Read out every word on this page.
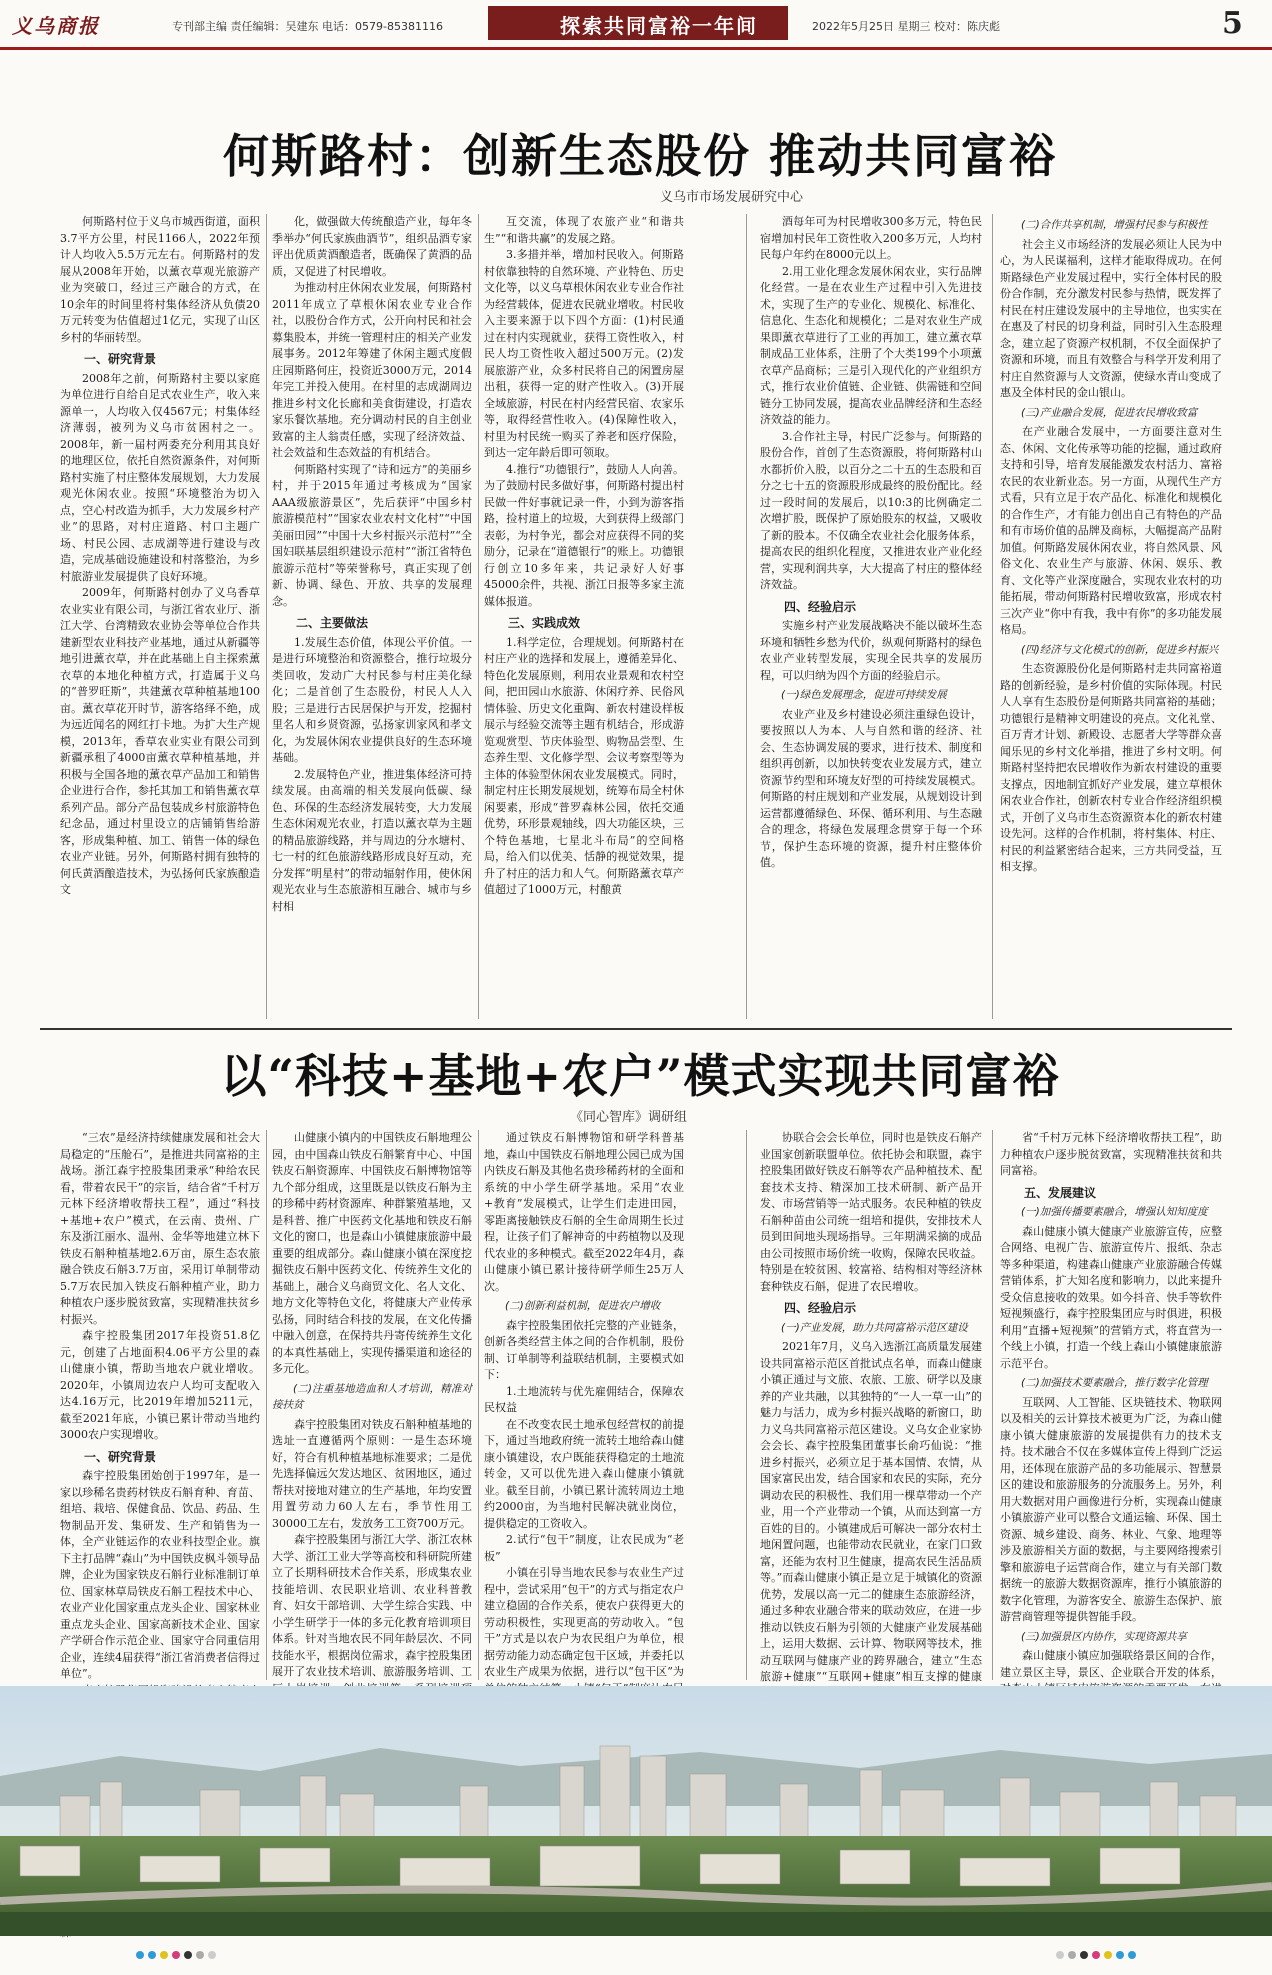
义乌商报	专刊部主编 责任编辑：吴建东 电话：0579-85381116	探索共同富裕一年间	2022年5月25日 星期三 校对：陈庆彪	5
何斯路村：创新生态股份 推动共同富裕
义乌市市场发展研究中心

何斯路村位于义乌市城西街道，面积3.7平方公里，村民1166人，2022年预计人均收入5.5万元左右。何斯路村的发展从2008年开始，以薰衣草观光旅游产业为突破口，经过三产融合的方式，在10余年的时间里将村集体经济从负债20万元转变为估值超过1亿元，实现了山区乡村的华丽转型。

一、研究背景

2008年之前，何斯路村主要以家庭为单位进行自给自足式农业生产，收入来源单一，人均收入仅4567元；村集体经济薄弱，被列为义乌市贫困村之一。2008年，新一届村两委充分利用其良好的地理区位，依托自然资源条件，对何斯路村实施了村庄整体发展规划，大力发展观光休闲农业。按照“环境整治为切入点，空心村改造为抓手，大力发展乡村产业”的思路，对村庄道路、村口主题广场、村民公园、志成湖等进行建设与改造，完成基础设施建设和村落整治，为乡村旅游业发展提供了良好环境。

2009年，何斯路村创办了义乌香草农业实业有限公司，与浙江省农业厅、浙江大学、台湾精致农业协会等单位合作共建新型农业科技产业基地，通过从新疆等地引进薰衣草，并在此基础上自主探索薰衣草的本地化种植方式，打造属于义乌的“普罗旺斯”，共建薰衣草种植基地100亩。薰衣草花开时节，游客络绎不绝，成为远近闻名的网红打卡地。为扩大生产规模，2013年，香草农业实业有限公司到新疆承租了4000亩薰衣草种植基地，并积极与全国各地的薰衣草产品加工和销售企业进行合作，参托其加工和销售薰衣草系列产品。部分产品包装成乡村旅游特色纪念品，通过村里设立的店铺销售给游客，形成集种植、加工、销售一体的绿色农业产业链。另外，何斯路村拥有独特的何氏黄酒酿造技术，为弘扬何氏家族酿造文

化，做强做大传统酿造产业，每年冬季举办“何氏家族曲酒节”，组织品酒专家评出优质黄酒酿造者，既确保了黄酒的品质，又促进了村民增收。

为推动村庄休闲农业发展，何斯路村2011年成立了草根休闲农业专业合作社，以股份合作方式，公开向村民和社会募集股本，并统一管理村庄的相关产业发展事务。2012年筹建了休闲主题式度假庄园斯路何庄，投资近3000万元，2014年完工并投入使用。在村里的志成湖周边推进乡村文化长廊和美食街建设，打造农家乐餐饮基地。充分调动村民的自主创业致富的主人翁责任感，实现了经济效益、社会效益和生态效益的有机结合。

何斯路村实现了“诗和远方”的美丽乡村，并于2015年通过考核成为“国家AAA级旅游景区”，先后获评“中国乡村旅游模范村”“国家农业农村文化村”“中国美丽田园”“中国十大乡村振兴示范村”“全国妇联基层组织建设示范村”“浙江省特色旅游示范村”等荣誉称号，真正实现了创新、协调、绿色、开放、共享的发展理念。

二、主要做法

1.发展生态价值，体现公平价值。一是进行环境整治和资源整合，推行垃圾分类回收，发动广大村民参与村庄美化绿化；二是首创了生态股份，村民人人入股；三是进行古民居保护与开发，挖掘村里名人和乡贤资源，弘扬家训家风和孝文化，为发展休闲农业提供良好的生态环境基础。

2.发展特色产业，推进集体经济可持续发展。由高端的相关发展向低碳、绿色、环保的生态经济发展转变，大力发展生态休闲观光农业，打造以薰衣草为主题的精品旅游线路，并与周边的分水塘村、七一村的红色旅游线路形成良好互动，充分发挥“明星村”的带动辐射作用，使休闲观光农业与生态旅游相互融合、城市与乡村相

互交流，体现了农旅产业“和谐共生”“和谐共赢”的发展之路。

3.多措并举，增加村民收入。何斯路村依靠独特的自然环境、产业特色、历史文化等，以义乌草根休闲农业专业合作社为经营载体，促进农民就业增收。村民收入主要来源于以下四个方面：(1)村民通过在村内实现就业，获得工资性收入，村民人均工资性收入超过500万元。(2)发展旅游产业，众多村民将自己的闲置房屋出租，获得一定的财产性收入。(3)开展全域旅游，村民在村内经营民宿、农家乐等，取得经营性收入。(4)保障性收入，村里为村民统一购买了养老和医疗保险，到达一定年龄后即可领取。

4.推行“功德银行”，鼓励人人向善。为了鼓励村民多做好事，何斯路村提出村民做一件好事就记录一件，小到为游客指路，捡村道上的垃圾，大到获得上级部门表彰，为村争光，都会对应获得不同的奖励分，记录在“道德银行”的账上。功德银行创立10多年来，共记录好人好事45000余件，共视、浙江日报等多家主流媒体报道。

三、实践成效

1.科学定位，合理规划。何斯路村在村庄产业的选择和发展上，遵循差异化、特色化发展原则，利用农业景观和农村空间，把田园山水旅游、休闲疗养、民俗风情体验、历史文化重陶、新农村建设样板展示与经验交流等主题有机结合，形成游览观赏型、节庆体验型、购物品尝型、生态养生型、文化修学型、会议考察型等为主体的体验型休闲农业发展模式。同时，制定村庄长期发展规划，统筹布局全村休闲要素，形成“普罗森林公园，依托交通优势，环形景观轴线，四大功能区块，三个特色基地，七星北斗布局”的空间格局，给入们以优美、恬静的视觉效果，提升了村庄的活力和人气。何斯路薰衣草产值超过了1000万元，村酿黄

酒每年可为村民增收300多万元，特色民宿增加村民年工资性收入200多万元，人均村民每户年约在8000元以上。

2.用工业化理念发展休闲农业，实行品牌化经营。一是在农业生产过程中引入先进技术，实现了生产的专业化、规模化、标准化、信息化、生态化和规模化；二是对农业生产成果即薰衣草进行了工业的再加工，建立薰衣草制成品工业体系，注册了个大类199个小项薰衣草产品商标；三是引入现代化的产业组织方式，推行农业价值链、企业链、供需链和空间链分工协同发展，提高农业品牌经济和生态经济效益的能力。

3.合作社主导，村民广泛参与。何斯路的股份合作，首创了生态资源股，将何斯路村山水都折价入股，以百分之二十五的生态股和百分之七十五的资源股形成最终的股份配比。经过一段时间的发展后，以10:3的比例确定二次增扩股，既保护了原始股东的权益，又吸收了新的股本。不仅确全农业社会化服务体系，提高农民的组织化程度，又推进农业产业化经营，实现利润共享，大大提高了村庄的整体经济效益。

四、经验启示

实施乡村产业发展战略决不能以破坏生态环境和牺牲乡愁为代价，纵观何斯路村的绿色农业产业转型发展，实现全民共享的发展历程，可以归纳为四个方面的经验启示。

(一)绿色发展理念，促进可持续发展

农业产业及乡村建设必须注重绿色设计，要按照以人为本、人与自然和谐的经济、社会、生态协调发展的要求，进行技术、制度和组织再创新，以加快转变农业发展方式，建立资源节约型和环境友好型的可持续发展模式。何斯路的村庄规划和产业发展，从规划设计到运营都遵循绿色、环保、循环利用、与生态融合的理念，将绿色发展理念贯穿于每一个环节，保护生态环境的资源，提升村庄整体价值。

(二)合作共享机制，增强村民参与积极性

社会主义市场经济的发展必须让人民为中心，为人民谋福利，这样才能取得成功。在何斯路绿色产业发展过程中，实行全体村民的股份合作制，充分激发村民参与热情，既发挥了村民在村庄建设发展中的主导地位，也实实在在惠及了村民的切身利益，同时引入生态股理念，建立起了资源产权机制，不仅全面保护了资源和环境，而且有效整合与科学开发利用了村庄自然资源与人文资源，使绿水青山变成了惠及全体村民的金山银山。

(三)产业融合发展，促进农民增收致富

在产业融合发展中，一方面要注意对生态、休闲、文化传承等功能的挖掘，通过政府支持和引导，培育发展能激发农村活力、富裕农民的农业新业态。另一方面，从现代生产方式看，只有立足于农产品化、标准化和规模化的合作生产，才有能力创出自己有特色的产品和有市场价值的品牌及商标，大幅提高产品附加值。何斯路发展休闲农业，将自然风景、风俗文化、农业生产与旅游、休闲、娱乐、教育、文化等产业深度融合，实现农业农村的功能拓展，带动何斯路村民增收致富，形成农村三次产业“你中有我，我中有你”的多功能发展格局。

(四)经济与文化模式的创新，促进乡村振兴

生态资源股份化是何斯路村走共同富裕道路的创新经验，是乡村价值的实际体现。村民人人享有生态股份是何斯路共同富裕的基础；功德银行是精神文明建设的亮点。文化礼堂、百万青才计划、新殿设、志愿者大学等群众喜闻乐见的乡村文化举措，推进了乡村文明。何斯路村坚持把农民增收作为新农村建设的重要支撑点，因地制宜抓好产业发展，建立草根休闲农业合作社，创新农村专业合作经济组织模式，开创了义乌市生态资源资本化的新农村建设先河。这样的合作机制，将村集体、村庄、村民的利益紧密结合起来，三方共同受益，互相支撑。

以“科技+基地+农户”模式实现共同富裕
《同心智库》调研组

“三农”是经济持续健康发展和社会大局稳定的“压舱石”，是推进共同富裕的主战场。浙江森宇控股集团秉承“种给农民看，带着农民干”的宗旨，结合省“千村万元林下经济增收帮扶工程”，通过“科技+基地+农户”模式，在云南、贵州、广东及浙江丽水、温州、金华等地建立林下铁皮石斛种植基地2.6万亩，原生态农旅融合铁皮石斛3.7万亩，采用订单制带动5.7万农民加入铁皮石斛种植产业，助力种植农户逐步脱贫致富，实现精准扶贫乡村振兴。

森宇控股集团2017年投资51.8亿元，创建了占地面积4.06平方公里的森山健康小镇，帮助当地农户就业增收。2020年，小镇周边农户人均可支配收入达4.16万元，比2019年增加5211元，截至2021年底，小镇已累计带动当地约3000农户实现增收。

一、研究背景

森宇控股集团始创于1997年，是一家以珍稀名贵药材铁皮石斛育种、育苗、组培、栽培、保健食品、饮品、药品、生物制品开发、集研发、生产和销售为一体，全产业链运作的农业科技型企业。旗下主打品牌“森山”为中国铁皮枫斗领导品牌，企业为国家铁皮石斛行业标准制订单位、国家林草局铁皮石斛工程技术中心、农业产业化国家重点龙头企业、国家林业重点龙头企业、国家高新技术企业、国家产学研合作示范企业、国家守合同重信用企业，连续4届获得“浙江省消费者信得过单位”。

山健康小镇内的中国铁皮石斛地理公园，由中国森山铁皮石斛繁育中心、中国铁皮石斛资源库、中国铁皮石斛博物馆等九个部分组成，这里既是以铁皮石斛为主的珍稀中药材资源库、种群繁殖基地，又是科普、推广中医药文化基地和铁皮石斛文化的窗口，也是森山小镇健康旅游中最重要的组成部分。森山健康小镇在深度挖掘铁皮石斛中医药文化、传统养生文化的基础上，融合义乌商贸文化、名人文化、地方文化等特色文化，将健康大产业传承弘扬，同时结合科技的发展，在文化传播中融入创意，在保持共丹寄传统养生文化的本真性基础上，实现传播渠道和途径的多元化。

(二)注重基地造血和人才培训，精准对接扶贫

森宇控股集团对铁皮石斛种植基地的选址一直遵循两个原则：一是生态环境好，符合有机种植基地标准要求；二是优先选择偏远欠发达地区、贫困地区，通过帮扶对接地对建立的生产基地，年均安置用置劳动力60人左右，季节性用工30000工左右，发放务工工资700万元。

森宇控股集团与浙江大学、浙江农林大学、浙江工业大学等高校和科研院所建立了长期科研技术合作关系，形成集农业技能培训、农民职业培训、农业科普教育、妇女干部培训、大学生综合实践、中小学生研学于一体的多元化教育培训项目体系。针对当地农民不同年龄层次、不同技能水平，根据岗位需求，森宇控股集团展开了农业技术培训、旅游服务培训、工

通过铁皮石斛博物馆和研学科普基地，森山中国铁皮石斛地理公园已成为国内铁皮石斛及其他名贵珍稀药材的全面和系统的中小学生研学基地。采用“农业+教育”发展模式，让学生们走进田园，零距离接触铁皮石斛的全生命周期生长过程，让孩子们了解神奇的中药植物以及现代农业的多种模式。截至2022年4月，森山健康小镇已累计接待研学师生25万人次。

(二)创新利益机制，促进农户增收

森宇控股集团依托完整的产业链条，创新各类经营主体之间的合作机制，股份制、订单制等利益联结机制，主要模式如下：

1.土地流转与优先雇佣结合，保障农民权益

在不改变农民土地承包经营权的前提下，通过当地政府统一流转土地给森山健康小镇建设，农户既能获得稳定的土地流转金，又可以优先进入森山健康小镇就业。截至目前，小镇已累计流转周边土地约2000亩，为当地村民解决就业岗位，提供稳定的工资收入。

2.试行“包干”制度，让农民成为“老板”

小镇在引导当地农民参与农业生产过程中，尝试采用“包干”的方式与指定农户建立稳固的合作关系，使农户获得更大的劳动积极性，实现更高的劳动收入。“包干”方式是以农户为农民组户为单位，根据劳动能力动态确定包干区域，并委托以农业生产成果为依据，进行以“包干区”为

协联合会会长单位，同时也是铁皮石斛产业国家创新联盟单位。依托协会和联盟，森宇控股集团做好铁皮石斛等农产品种植技术、配套技术支持、精深加工技术研制、新产品开发、市场营销等一站式服务。农民种植的铁皮石斛种苗由公司统一组培和提供，安排技术人员到田间地头现场指导。三年期满采摘的成品由公司按照市场价统一收购，保障农民收益。特别是在较贫困、较富裕、结构相对等经济林套种铁皮石斛，促进了农民增收。

四、经验启示

(一)产业发展，助力共同富裕示范区建设

2021年7月，义乌入选浙江高质量发展建设共同富裕示范区首批试点名单，而森山健康小镇正通过与文旅、农旅、工旅、研学以及康养的产业共融，以其独特的“一人一草一山”的魅力与活力，成为乡村振兴战略的新窗口，助力义乌共同富裕示范区建设。义乌女企业家协会会长、森宇控股集团董事长俞巧仙说：“推进乡村振兴，必须立足于基本国情、农情，从国家富民出发，结合国家和农民的实际，充分调动农民的积极性、我们用一棵草带动一个产业，用一个产业带动一个镇，从而达到富一方百姓的目的。小镇建成后可解决一部分农村土地闲置问题，也能带动农民就业，在家门口致富，还能为农村卫生健康，提高农民生活品质等。”而森山健康小镇正是立足于城镇化的资源优势，发展以高一元二的健康生态旅游经济，通过多种农业融合带来的联动效应，在进一步推动以铁皮石斛为引领的大健康产业发展基础上，运用大数据、云计算、物联网等技术，推动互联网与健康产业的跨界融合，建立“生态旅游+健康”“互联网+健康”相互支撑的健康

省“千村万元林下经济增收帮扶工程”，助力种植农户逐步脱贫致富，实现精准扶贫和共同富裕。

五、发展建议

(一)加强传播要素融合，增强认知知度度

森山健康小镇大健康产业旅游宣传，应整合网络、电视广告、旅游宣传片、报纸、杂志等多种渠道，构建森山健康产业旅游融合传媒营销体系，扩大知名度和影响力，以此来提升受众信息接收的效果。如今抖音、快手等软件短视频盛行，森宇控股集团应与时俱进，积极利用“直播+短视频”的营销方式，将直营为一个线上小镇，打造一个线上森山小镇健康旅游示范平台。

(二)加强技术要素融合，推行数字化管理

互联网、人工智能、区块链技术、物联网以及相关的云计算技术被更为广泛，为森山健康小镇大健康旅游的发展提供有力的技术支持。技术融合不仅在多媒体宣传上得到广泛运用，还体现在旅游产品的多功能展示、智慧景区的建设和旅游服务的分流服务上。另外，利用大数据对用户画像进行分析，实现森山健康小镇旅游产业可以整合文通运输、环保、国土资源、城乡建设、商务、林业、气象、地理等涉及旅游相关方面的数据，与主要网络搜索引擎和旅游电子运营商合作，建立与有关部门数据统一的旅游大数据资源库，推行小镇旅游的数字化管理，为游客安全、旅游生态保护、旅游营商管理等提供智能手段。

(三)加强景区内协作，实现资源共享

森山健康小镇应加强联络景区间的合作，建立景区主导，景区、企业联合开发的体系，
